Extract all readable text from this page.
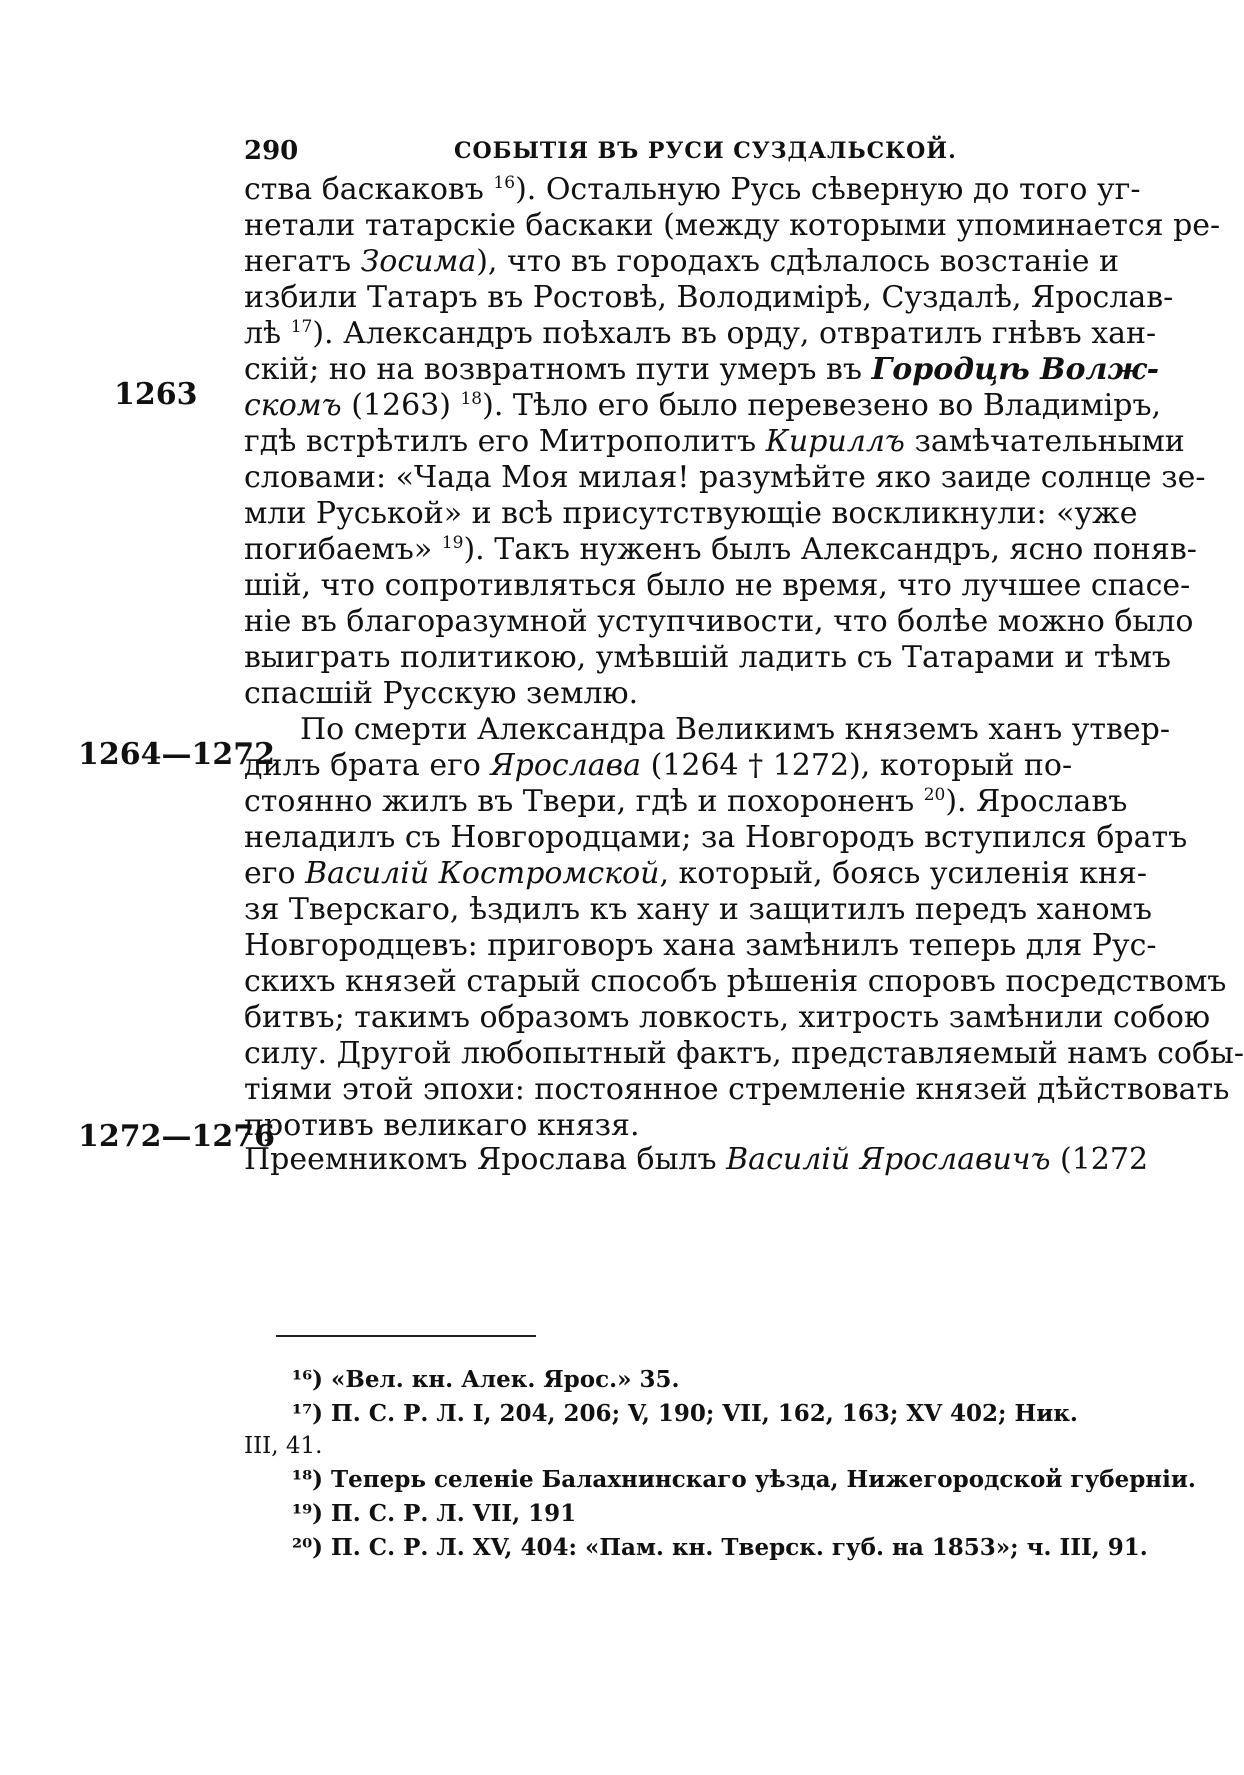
290	СОБЫТІЯ ВЪ РУСИ СУЗДАЛЬСКОЙ.
1263
1264—1272
1272—1276
ства баскаковъ $^{16}$). Остальную Русь сѣверную до того уг-
нетали татарскіе баскаки (между которыми упоминается ре-
негатъ Зосима), что въ городахъ сдѣлалось возстаніе и
избили Татаръ въ Ростовѣ, Володимірѣ, Суздалѣ, Ярослав-
лѣ $^{17}$). Александръ поѣхалъ въ орду, отвратилъ гнѣвъ хан-
скій; но на возвратномъ пути умеръ въ Городцѣ Волж-
скомъ (1263) $^{18}$). Тѣло его было перевезено во Владиміръ,
гдѣ встрѣтилъ его Митрополитъ Кириллъ замѣчательными
словами: «Чада Моя милая! разумѣйте яко заиде солнце зе-
мли Руськой» и всѣ присутствующіе воскликнули: «уже
погибаемъ» $^{19}$). Такъ нуженъ былъ Александръ, ясно поняв-
шій, что сопротивляться было не время, что лучшее спасе-
ніе въ благоразумной уступчивости, что болѣе можно было
выиграть политикою, умѣвшій ладить съ Татарами и тѣмъ
спасшій Русскую землю.
По смерти Александра Великимъ княземъ ханъ утвер-
дилъ брата его Ярослава (1264 † 1272), который по-
стоянно жилъ въ Твери, гдѣ и похороненъ $^{20}$). Ярославъ
неладилъ съ Новгородцами; за Новгородъ вступился братъ
его Василій Костромской, который, боясь усиленія кня-
зя Тверскаго, ѣздилъ къ хану и защитилъ передъ ханомъ
Новгородцевъ: приговоръ хана замѣнилъ теперь для Рус-
скихъ князей старый способъ рѣшенія споровъ посредствомъ
битвъ; такимъ образомъ ловкость, хитрость замѣнили собою
силу. Другой любопытный фактъ, представляемый намъ собы-
тіями этой эпохи: постоянное стремленіе князей дѣйствовать
противъ великаго князя.
Преемникомъ Ярослава былъ Василій Ярославичъ (1272
¹⁶) «Вел. кн. Алек. Ярос.» 35.
¹⁷) П. С. Р. Л. I, 204, 206; V, 190; VII, 162, 163; XV 402; Ник.
III, 41.
¹⁸) Теперь селеніе Балахнинскаго уѣзда, Нижегородской губерніи.
¹⁹) П. С. Р. Л. VII, 191
²⁰) П. С. Р. Л. XV, 404: «Пам. кн. Тверск. губ. на 1853»; ч. III, 91.
